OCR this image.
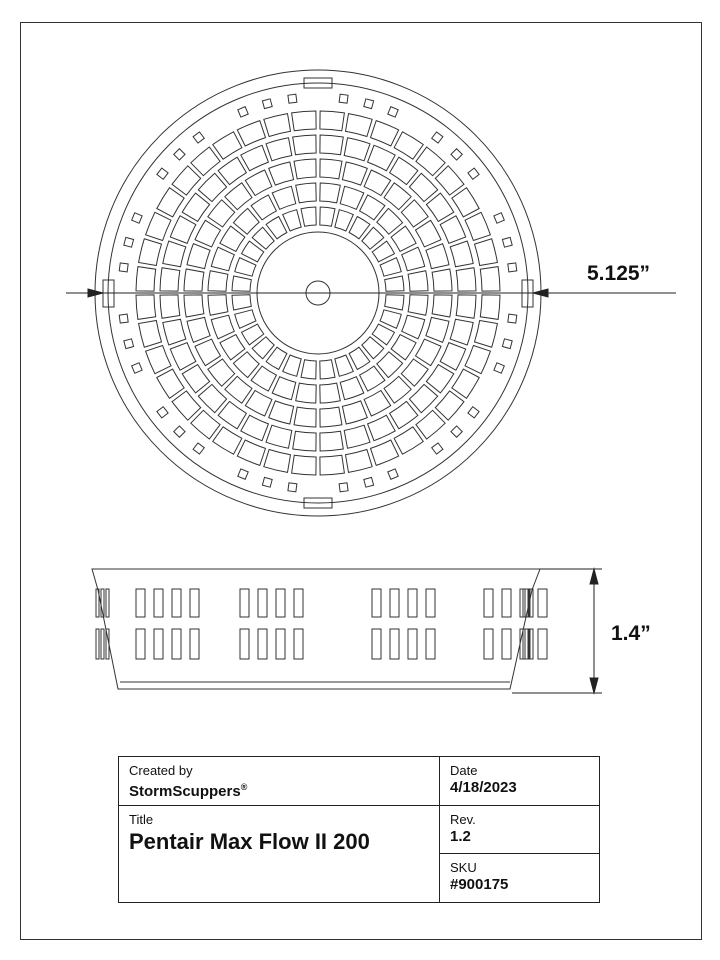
5.125”
1.4”
Created by
StormScuppers®
Date
4/18/2023
Title
Pentair Max Flow II 200
Rev.
1.2
SKU
#900175
